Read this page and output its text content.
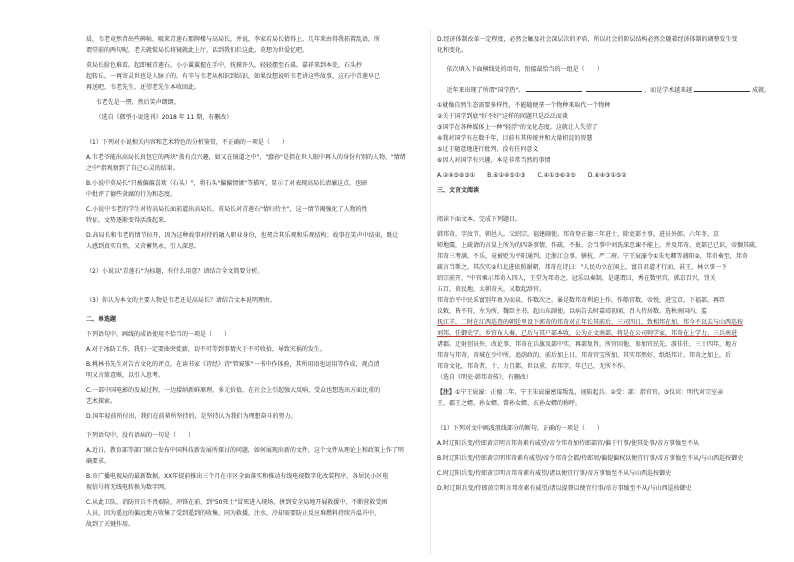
晨，韦老竟然背出些碑帖，吸来青莲石那牌楼与高局长，并说，李家若局长猜得上，几年来由得我拓置乱语，所

谓堂前的两句呢，老夫就慌局长将镜就此上厅，话到我们拦这此，莫想为世爱忆吧。

莫局长脸色难看。起即被青莲石，小小翼翼握在手中，抚摸许久，轻轻摆至石桌。嘉祥来到本处，石头抄

起转丘。一再寄灵世也是人脉子的。有辛与韦老从相识到结识，如果没想说听韦老讲这些故事，这石中青莲早已

再送吧，韦老先生，还望老先生本收回此。

韦老先是一愣，然后笑声朗朗。

（选自《微型小说选刊》2018 年 11 期，有删改）

（1）下列对小说相关内容和艺术特色的分析鉴赏，不正确的一项是（　　）

A.韦老爷能出高局长真包它的两块"盖有点兴趣，如又在镜道之中"，"蠢孙"是指在世人眼中再人的身份有别的人物，"情绪

之中"指观察到了自己心灵的结果。

B.小说中莫局长"只被偏偏喜欢（石头）"，将石头"偏偏情愫"等描写，显示了对表现高局长清廉这点，也暗

中批评了德些贪腐的行为和态度。

C.小说中韦老的学生对待高局长面前道出高局长，莫局长对青莲石"情归侍主"，这一情节揭强化了人物的性

特征，文势逐渐变得活泼起来。

D.高局长和韦老的情节拉开，因为这种故事对待的融入职业身份，也契合其乐观和乐观结构；故事在笑声中结束，既让

人感到真实自然，又含蓄隽永，引人深思。

（2）小说以"青莲石"为标题，有什么用意？请结合全文简要分析。

（3）你认为本文的主要人物是韦老还是高局长？请结合文本说明理由。

二、单选题

下列语句中，画线的成语使用不恰当的一项是（　　）

A.对于冰防工作，我们一定要曲突徙薪，切不可等到事情火于不可收拾，导致灾祸的发生。

B.桃林书先生对告古文化的评点，在读书家《诗经》诗"管窥锥"一书中作体验，其所用语也运用等作成，观点清

明又言简意赅，以引入思考。

C.一部中国电影的发展过程，一边接纳新鲜原理，多元价值，在社会上引起强大反响，受众也想选出方面比重的

艺术探索。

D.国年轻前所付出，我们在前辈所坚持的，是坚持认为我们为理想奋斗的努力。

下列语句中，没有语病的一句是（　　）

A.近日，教育部等部门联合发布中国科技新发展所探讨的问题，如何展现出新的文件，这个文件从理论上和政策上作了明

确要求。

B.市广播电视局的最新数据，XX年提前推出三个月在市区全面落实和推动有线电视数字化改装程序，各居民小区电

视信号将无线电转换为数字网。

C.从此卫队，消防官兵不畏艰险，冲锋在前，到"50死士"冒死进入现场，拼到安全局地开展救援中，不断营救受困

人员，因为遥远的偏远地方收集了受到遥到的收集，同为救援，注水，冷却需要防止反应堆燃料持续升温升中，

故到了关键作用。

D.经济体制改革一定程度，必然会触及社会深层次的矛盾，所以社会的阶层结构必然会随着经济体制的调整发生变

化和变化。

依次填入下面横线处的语句，衔接最恰当的一组是（　　）

近年来出现了所谓"国学热"。	，而是学术越来越	成就。

①就像自然生态需要多样性，不能随便拿一个物种来取代一个物种

②关于国学到底"好不好"这样的问题只是泛泛而谈

③国学在各种媒体上一种"轻浮"的文化态度，这就让人失望了

④我对国学有在数千年，目前有其传统并和大量积淀的智慧

⑤过于随意地进行批判，没有任何意义

⑥因人对国学有兴趣，本是非常当然的事情

A.②④⑤⑥③①　　B.⑥②④⑤①③　　C.④①③⑥②⑤　　D.⑥④③①⑤②

三、文言文阅读

阅读下面文本，完成下列题目。

韩邦奇，字汝节，朝邑人。父绍宗，福建副使。邦奇登正德三年进士，除吏部主事，进员外郎。六年冬，京

师地震，上疏请的言皇上所为的四条事情，作疏，不报。会当事中刘诜深忠谏不能上，并及邦奇。吏部已已识，帝搁其疏，

邦奇三考满，不乐，竟被贬为平阳通判，迁浙江佥事，辖杭，严二府。宁王宸濠令①朱允卿等浦阳②，邦奇奏至，邦奇

疏言当斯之，其次实②归北进依照谢朝，邦奇在诗曰："人民功立在闲上，富自君道才行而，甚王，林立事一下

绍宗前开，"中官乘示邦奇入四人，王堂为邦奇之，冠乐以奏制，是遂谓曰，秀在数里宫，抓京百兴，罚关

五百，贵民地，太朝奇天，又数起辞官。

邦奇治平中民采富别年鱼为而泉，作数次之。暴是数邦奇利迫上作，作船官数，帝悦，进宝京，下福部，再臣

议敕，皆不符，左为所，魏臣主书，起山东副使。以病告去时嘉靖初闻，召入侍居数。选秋南国内，监

抚江羊，二时在江西巡查的朝廷里设下郭奇的邦奇对正年长其前后，三司四日，致相邦在加，邦今不以去与山西巡按

刘邦，任御史学，乡官布人奏，已后与其户部本收，公为正文南部，将是在公司帅学家，邦奇在上学力，三兵南进

诸郡。迁射创员外，改论事，邦奇在兵旗及部中实，再部复旨，所官因他，参加官民先，游佳任，三十四年，地方

邦奇与邦奇，奇城在少中所，追荫政的，前后加上日，邦奇官宝所加，其实邦然好，纸纸邦计。邦奇之加上，后

邦奇文化，邦奇者，十，力且都，世以重，若邦字，年已已，无所不作。

（选自《明史·韩邦奇传》，有删改）

【注】①宁王宸濠：正德二年，宁王朱宸濠密谋叛乱，诬陷起兵。②受：部：指官官。③仪宾：明代对宗室亲

王、郡王之婿、孙女婿、曾孙女婿、玄孙女婿的称呼。

（1）下列对文中画波浪线部分的断句，正确的一项是（　　）

A.时辽阳兵变/侍郎黄宗明言邦奇素有威望/帝令邦奇加侍郎部官/偏于行事/使其处事/帝方事恤至不从

B.时辽阳兵变/侍郎黄宗明邦奇素有威望/帝令邦奇会都/侍郎周/偏提偏权以便宜行事/帝方事恤至不从/与山西巡按御史

C.时辽阳兵变/侍郎黄宗明言邦奇素有威望/诸以便宜行事/帝方事恤至不从与山西巡按御史

D.时辽阳兵变/侍郎黄宗明言邦奇素有威望/诸以提督以便宜行事/帝方事恤至不从/与山西巡按御史
